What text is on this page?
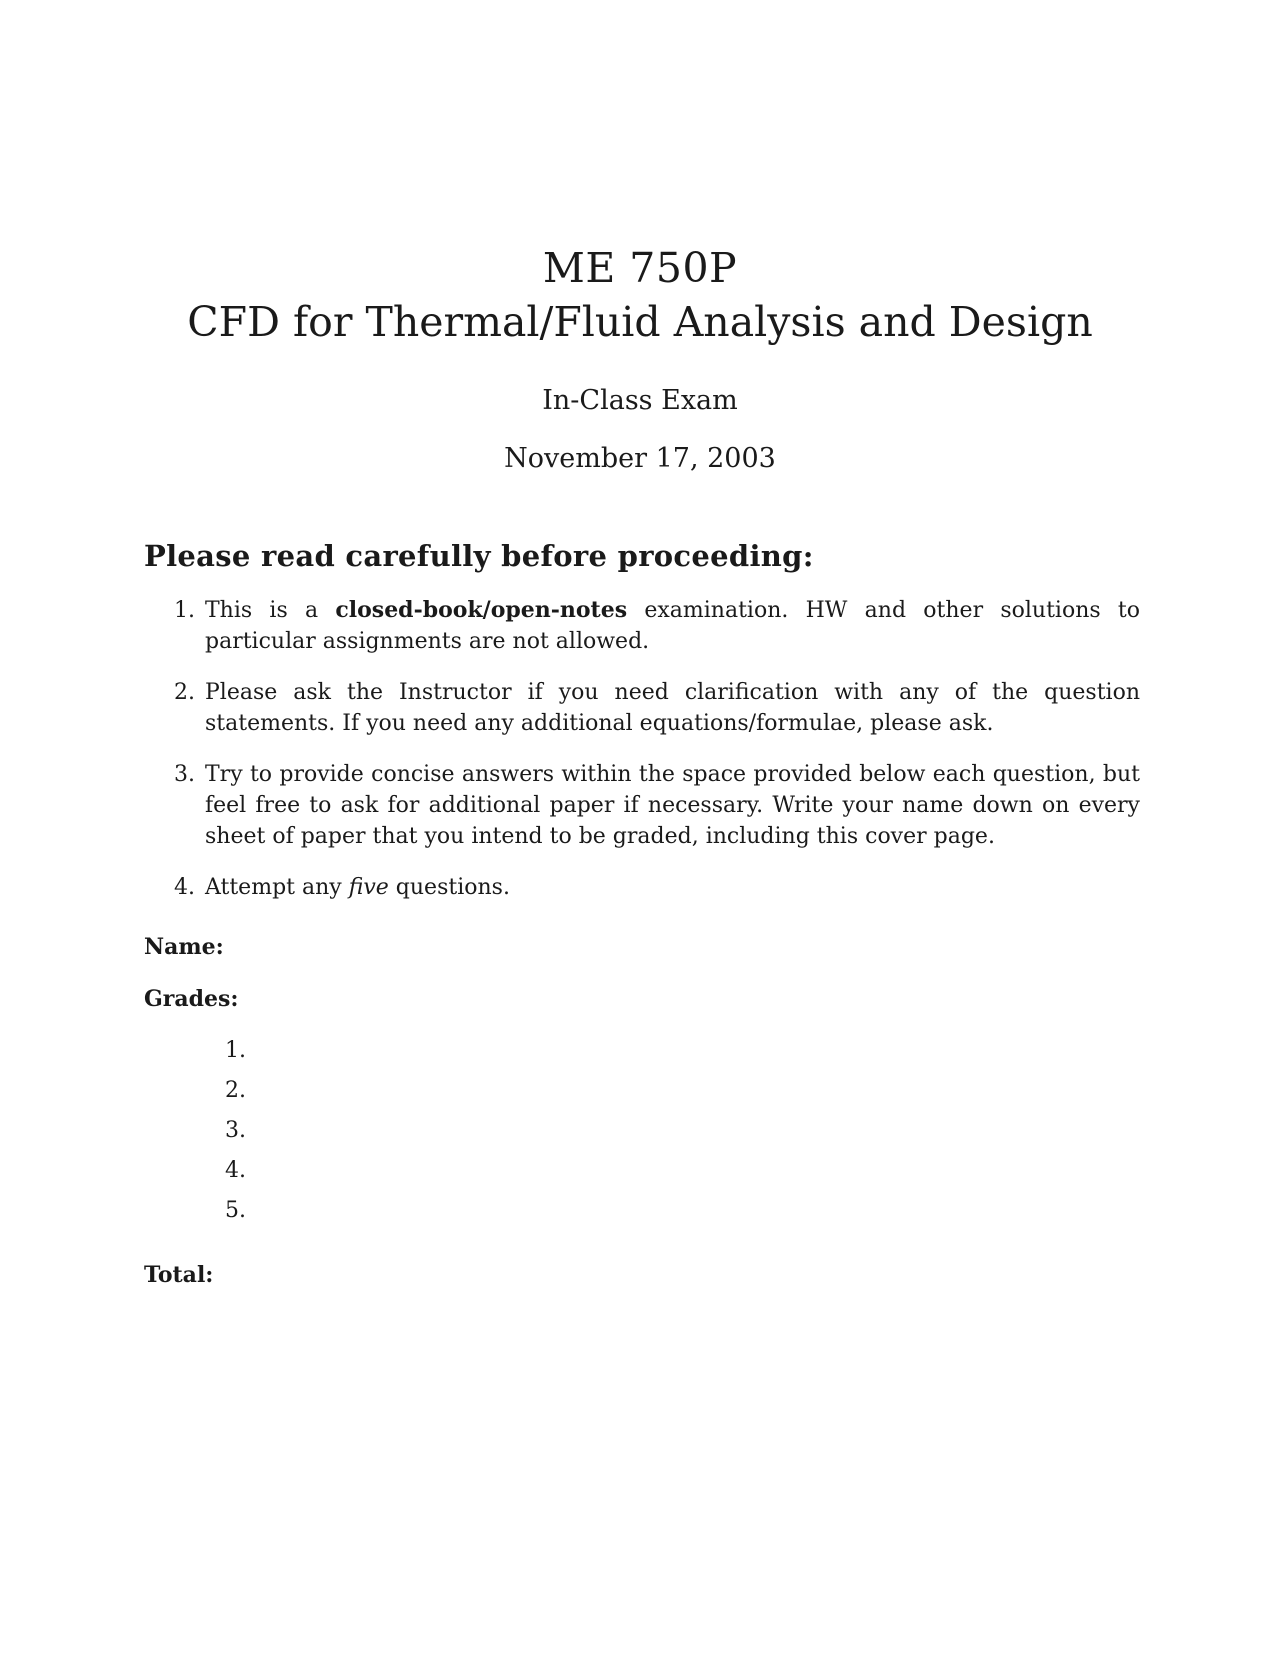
ME 750P
CFD for Thermal/Fluid Analysis and Design
In-Class Exam
November 17, 2003
Please read carefully before proceeding:
1. This is a closed-book/open-notes examination. HW and other solutions to particular assignments are not allowed.
2. Please ask the Instructor if you need clarification with any of the question statements. If you need any additional equations/formulae, please ask.
3. Try to provide concise answers within the space provided below each question, but feel free to ask for additional paper if necessary. Write your name down on every sheet of paper that you intend to be graded, including this cover page.
4. Attempt any five questions.
Name:
Grades:
1.
2.
3.
4.
5.
Total:
